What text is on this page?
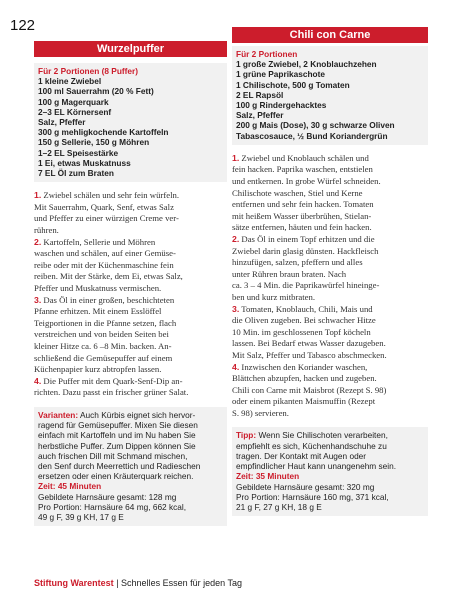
122
Wurzelpuffer
Für 2 Portionen (8 Puffer)
1 kleine Zwiebel
100 ml Sauerrahm (20 % Fett)
100 g Magerquark
2–3 EL Körnersenf
Salz, Pfeffer
300 g mehligkochende Kartoffeln
150 g Sellerie, 150 g Möhren
1–2 EL Speisestärke
1 Ei, etwas Muskatnuss
7 EL Öl zum Braten
1. Zwiebel schälen und sehr fein würfeln.
Mit Sauerrahm, Quark, Senf, etwas Salz
und Pfeffer zu einer würzigen Creme ver-
rühren.
2. Kartoffeln, Sellerie und Möhren
waschen und schälen, auf einer Gemüse-
reibe oder mit der Küchenmaschine fein
reiben. Mit der Stärke, dem Ei, etwas Salz,
Pfeffer und Muskatnuss vermischen.
3. Das Öl in einer großen, beschichteten
Pfanne erhitzen. Mit einem Esslöffel
Teigportionen in die Pfanne setzen, flach
verstreichen und von beiden Seiten bei
kleiner Hitze ca. 6 –8 Min. backen. An-
schließend die Gemüsepuffer auf einem
Küchenpapier kurz abtropfen lassen.
4. Die Puffer mit dem Quark-Senf-Dip an-
richten. Dazu passt ein frischer grüner Salat.
Varianten: Auch Kürbis eignet sich hervor-
ragend für Gemüsepuffer. Mixen Sie diesen
einfach mit Kartoffeln und im Nu haben Sie
herbstliche Puffer. Zum Dippen können Sie
auch frischen Dill mit Schmand mischen,
den Senf durch Meerrettich und Radieschen
ersetzen oder einen Kräuterquark reichen.
Zeit: 45 Minuten
Gebildete Harnsäure gesamt: 128 mg
Pro Portion: Harnsäure 64 mg, 662 kcal,
49 g F, 39 g KH, 17 g E
Chili con Carne
Für 2 Portionen
1 große Zwiebel, 2 Knoblauchzehen
1 grüne Paprikaschote
1 Chilischote, 500 g Tomaten
2 EL Rapsöl
100 g Rindergehacktes
Salz, Pfeffer
200 g Mais (Dose), 30 g schwarze Oliven
Tabascosauce, ½ Bund Koriandergrün
1. Zwiebel und Knoblauch schälen und
fein hacken. Paprika waschen, entstielen
und entkernen. In grobe Würfel schneiden.
Chilischote waschen, Stiel und Kerne
entfernen und sehr fein hacken. Tomaten
mit heißem Wasser überbrühen, Stielan-
sätze entfernen, häuten und fein hacken.
2. Das Öl in einem Topf erhitzen und die
Zwiebel darin glasig dünsten. Hackfleisch
hinzufügen, salzen, pfeffern und alles
unter Rühren braun braten. Nach
ca. 3 – 4 Min. die Paprikawürfel hineinge-
ben und kurz mitbraten.
3. Tomaten, Knoblauch, Chili, Mais und
die Oliven zugeben. Bei schwacher Hitze
10 Min. im geschlossenen Topf köcheln
lassen. Bei Bedarf etwas Wasser dazugeben.
Mit Salz, Pfeffer und Tabasco abschmecken.
4. Inzwischen den Koriander waschen,
Blättchen abzupfen, hacken und zugeben.
Chili con Carne mit Maisbrot (Rezept S. 98)
oder einem pikanten Maismuffin (Rezept
S. 98) servieren.
Tipp: Wenn Sie Chilischoten verarbeiten,
empfiehlt es sich, Küchenhandschuhe zu
tragen. Der Kontakt mit Augen oder
empfindlicher Haut kann unangenehm sein.
Zeit: 35 Minuten
Gebildete Harnsäure gesamt: 320 mg
Pro Portion: Harnsäure 160 mg, 371 kcal,
21 g F, 27 g KH, 18 g E
Stiftung Warentest | Schnelles Essen für jeden Tag
